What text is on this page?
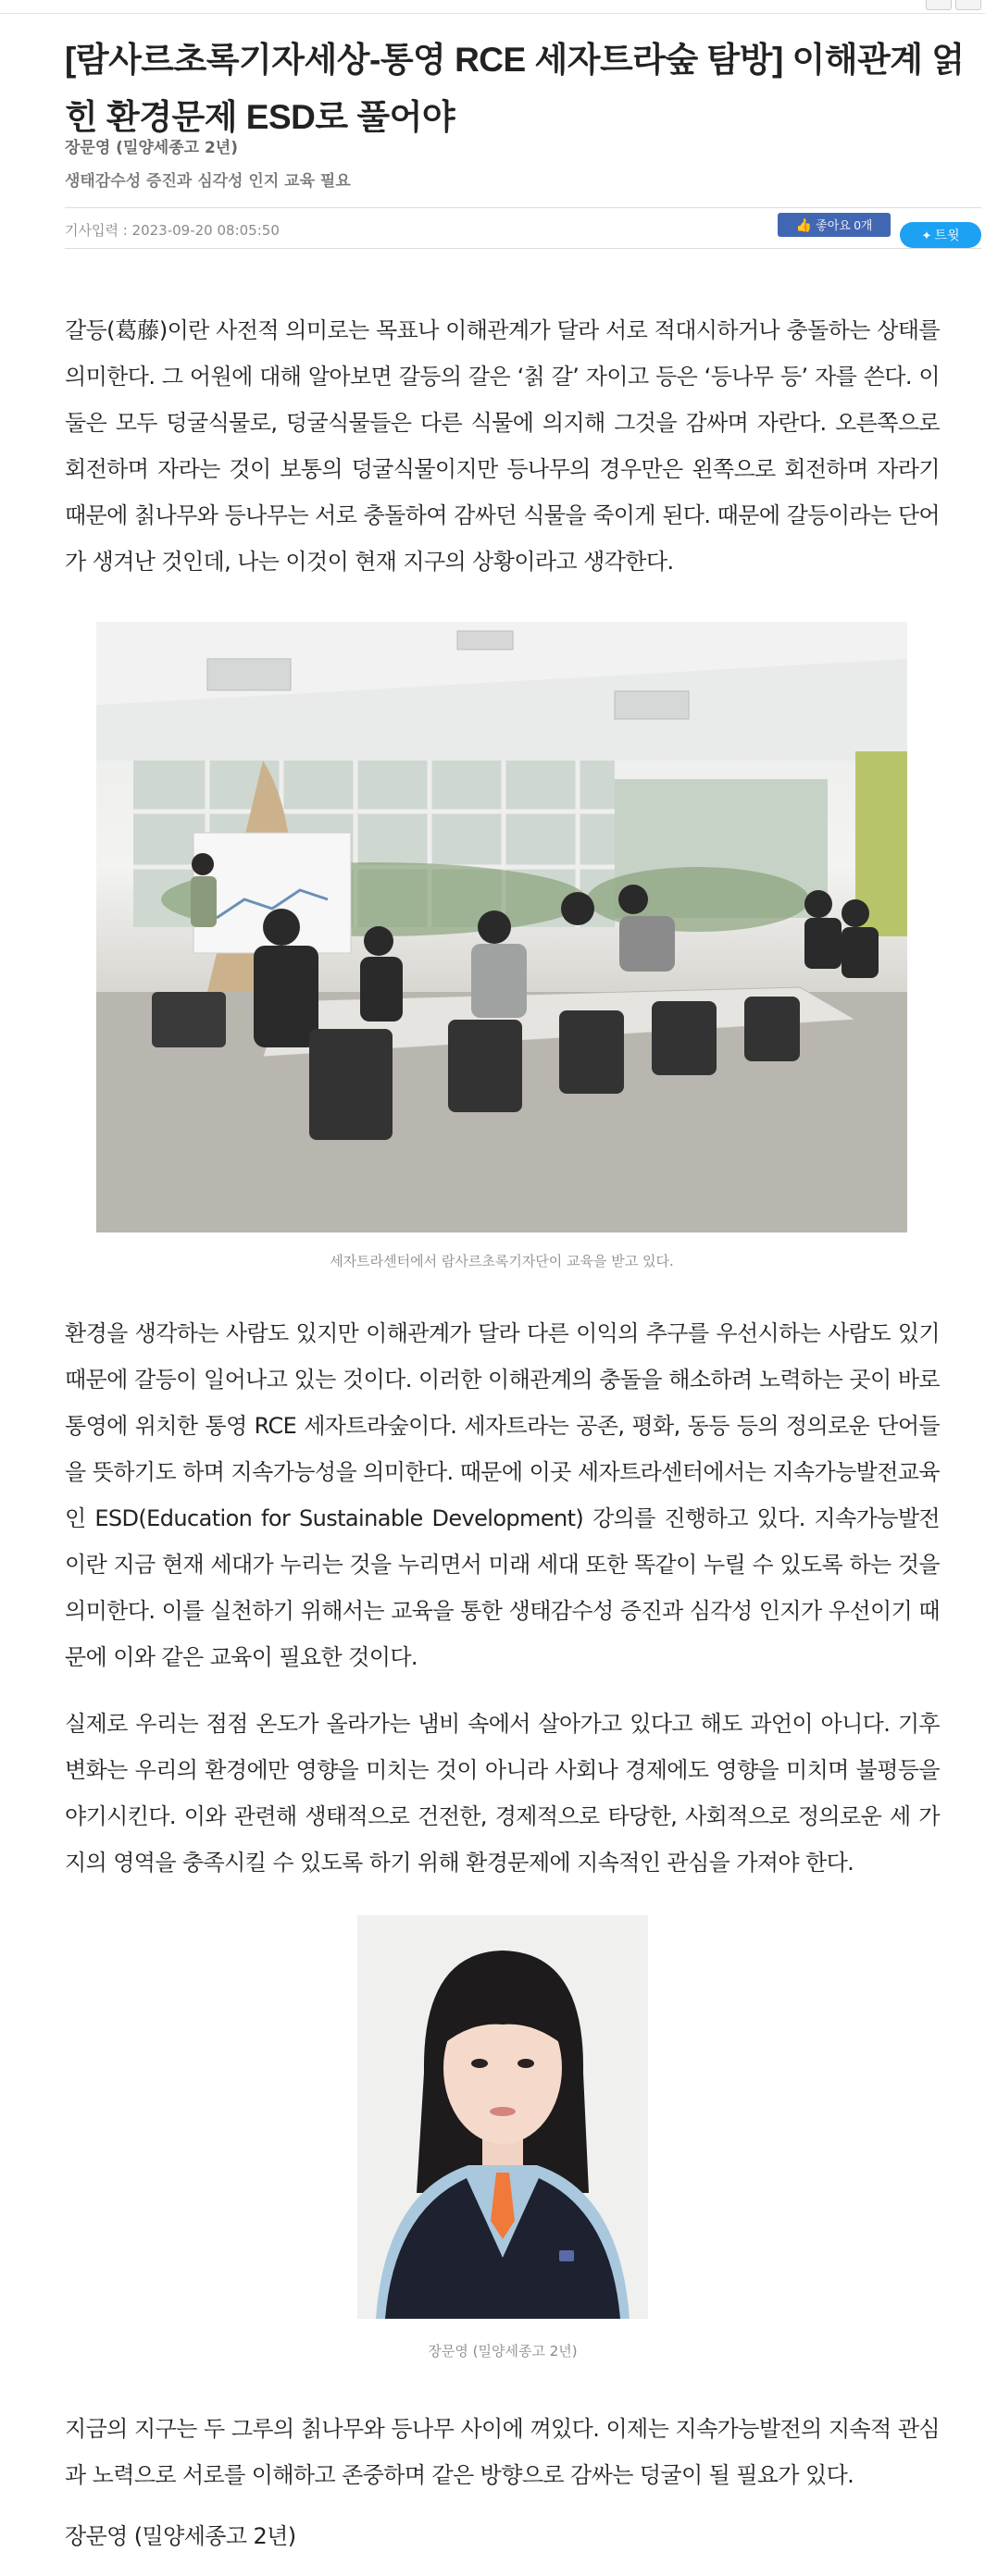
[람사르초록기자세상-통영 RCE 세자트라숲 탐방] 이해관계 얽힌 환경문제 ESD로 풀어야
장문영 (밀양세종고 2년)
생태감수성 증진과 심각성 인지 교육 필요
기사입력 : 2023-09-20 08:05:50	👍 좋아요 0개
✦ 트윗

갈등(葛藤)이란 사전적 의미로는 목표나 이해관계가 달라 서로 적대시하거나 충돌하는 상태를 의미한다. 그 어원에 대해 알아보면 갈등의 갈은 ‘칡 갈’ 자이고 등은 ‘등나무 등’ 자를 쓴다. 이 둘은 모두 덩굴식물로, 덩굴식물들은 다른 식물에 의지해 그것을 감싸며 자란다. 오른쪽으로 회전하며 자라는 것이 보통의 덩굴식물이지만 등나무의 경우만은 왼쪽으로 회전하며 자라기 때문에 칡나무와 등나무는 서로 충돌하여 감싸던 식물을 죽이게 된다. 때문에 갈등이라는 단어가 생겨난 것인데, 나는 이것이 현재 지구의 상황이라고 생각한다.

세자트라센터에서 람사르초록기자단이 교육을 받고 있다.

환경을 생각하는 사람도 있지만 이해관계가 달라 다른 이익의 추구를 우선시하는 사람도 있기 때문에 갈등이 일어나고 있는 것이다. 이러한 이해관계의 충돌을 해소하려 노력하는 곳이 바로 통영에 위치한 통영 RCE 세자트라숲이다. 세자트라는 공존, 평화, 동등 등의 정의로운 단어들을 뜻하기도 하며 지속가능성을 의미한다. 때문에 이곳 세자트라센터에서는 지속가능발전교육인 ESD(Education for Sustainable Development) 강의를 진행하고 있다. 지속가능발전이란 지금 현재 세대가 누리는 것을 누리면서 미래 세대 또한 똑같이 누릴 수 있도록 하는 것을 의미한다. 이를 실천하기 위해서는 교육을 통한 생태감수성 증진과 심각성 인지가 우선이기 때문에 이와 같은 교육이 필요한 것이다.

실제로 우리는 점점 온도가 올라가는 냄비 속에서 살아가고 있다고 해도 과언이 아니다. 기후변화는 우리의 환경에만 영향을 미치는 것이 아니라 사회나 경제에도 영향을 미치며 불평등을 야기시킨다. 이와 관련해 생태적으로 건전한, 경제적으로 타당한, 사회적으로 정의로운 세 가지의 영역을 충족시킬 수 있도록 하기 위해 환경문제에 지속적인 관심을 가져야 한다.

장문영 (밀양세종고 2년)

지금의 지구는 두 그루의 칡나무와 등나무 사이에 껴있다. 이제는 지속가능발전의 지속적 관심과 노력으로 서로를 이해하고 존중하며 같은 방향으로 감싸는 덩굴이 될 필요가 있다.

장문영 (밀양세종고 2년)
